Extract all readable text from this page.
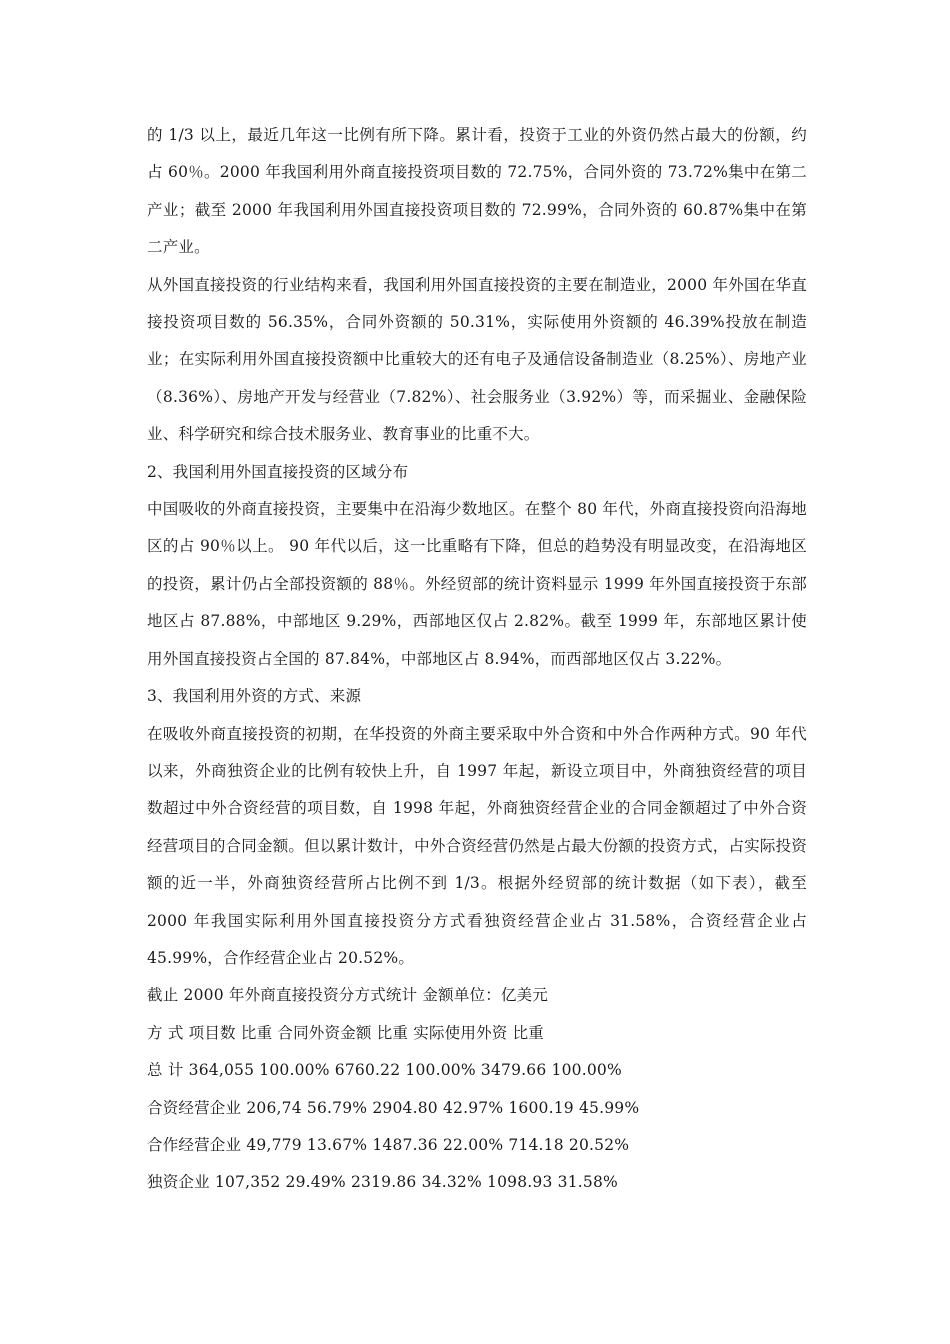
的 1/3 以上，最近几年这一比例有所下降。累计看，投资于工业的外资仍然占最大的份额，约占 60％。2000 年我国利用外商直接投资项目数的 72.75%，合同外资的 73.72%集中在第二产业；截至 2000 年我国利用外国直接投资项目数的 72.99%，合同外资的 60.87%集中在第二产业。

从外国直接投资的行业结构来看，我国利用外国直接投资的主要在制造业，2000 年外国在华直接投资项目数的 56.35%，合同外资额的 50.31%，实际使用外资额的 46.39%投放在制造业；在实际利用外国直接投资额中比重较大的还有电子及通信设备制造业（8.25%）、房地产业（8.36%）、房地产开发与经营业（7.82%）、社会服务业（3.92%）等，而采掘业、金融保险业、科学研究和综合技术服务业、教育事业的比重不大。

2、我国利用外国直接投资的区域分布

中国吸收的外商直接投资，主要集中在沿海少数地区。在整个 80 年代，外商直接投资向沿海地区的占 90％以上。 90 年代以后，这一比重略有下降，但总的趋势没有明显改变，在沿海地区的投资，累计仍占全部投资额的 88％。外经贸部的统计资料显示 1999 年外国直接投资于东部地区占 87.88%，中部地区 9.29%，西部地区仅占 2.82%。截至 1999 年，东部地区累计使用外国直接投资占全国的 87.84%，中部地区占 8.94%，而西部地区仅占 3.22%。

3、我国利用外资的方式、来源

在吸收外商直接投资的初期，在华投资的外商主要采取中外合资和中外合作两种方式。90 年代以来，外商独资企业的比例有较快上升，自 1997 年起，新设立项目中，外商独资经营的项目数超过中外合资经营的项目数，自 1998 年起，外商独资经营企业的合同金额超过了中外合资经营项目的合同金额。但以累计数计，中外合资经营仍然是占最大份额的投资方式，占实际投资额的近一半，外商独资经营所占比例不到 1/3。根据外经贸部的统计数据（如下表），截至 2000 年我国实际利用外国直接投资分方式看独资经营企业占 31.58%，合资经营企业占 45.99%，合作经营企业占 20.52%。

截止 2000 年外商直接投资分方式统计 金额单位：亿美元

方 式 项目数 比重 合同外资金额 比重 实际使用外资 比重

总 计 364,055 100.00% 6760.22 100.00% 3479.66 100.00%

合资经营企业 206,74 56.79% 2904.80 42.97% 1600.19 45.99%

合作经营企业 49,779 13.67% 1487.36 22.00% 714.18 20.52%

独资企业 107,352 29.49% 2319.86 34.32% 1098.93 31.58%
